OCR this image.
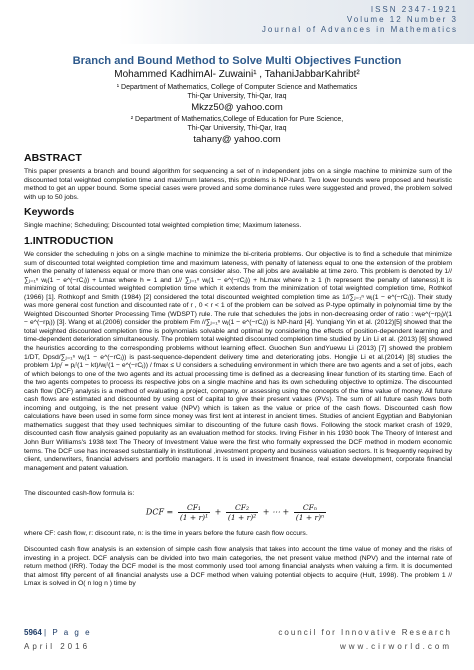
ISSN 2347-1921
Volume 12 Number 3
Journal of Advances in Mathematics
Branch and Bound Method to Solve Multi Objectives Function
Mohammed KadhimAl- Zuwaini¹ , TahaniJabbarKahribt²
¹ Department of Mathematics, College of Computer Science and Mathematics
Thi-Qar University, Thi-Qar, Iraq
Mkzz50@ yahoo.com
² Department of Mathematics,College of Education for Pure Science,
Thi-Qar University, Thi-Qar, Iraq
tahany@ yahoo.com
ABSTRACT

This paper presents a branch and bound algorithm for sequencing a set of n independent jobs on a single machine to minimize sum of the discounted total weighted completion time and maximum lateness, this problems is NP-hard. Two lower bounds were proposed and heuristic method to get an upper bound. Some special cases were proved and some dominance rules were suggested and proved, the problem solved with up to 50 jobs.

Keywords

Single machine; Scheduling; Discounted total weighted completion time; Maximum lateness.

1.INTRODUCTION

We consider the scheduling n jobs on a single machine to minimize the bi-criteria problems. Our objective is to find a schedule that minimize sum of discounted total weighted completion time and maximum lateness, with penalty of lateness equal to one the extension of the problem when the penalty of lateness equal or more than one was consider also. The all jobs are available at time zero. This problem is denoted by 1//∑ⱼ₌₁ⁿ wⱼ(1 − e^(−rCⱼ)) + Lmax where h = 1 and 1// ∑ⱼ₌₁ⁿ wⱼ(1 − e^(−rCⱼ)) + hLmax where h ≥ 1 (h represent the penalty of lateness).It is minimizing of total discounted weighted completion time which it extends from the minimization of total weighted completion time, Rothkof (1966) [1]. Rothkopf and Smith (1984) [2] considered the total discounted weighted completion time as 1//∑ⱼ₌₁ⁿ wⱼ(1 − e^(−rCⱼ)). Their study was more general cost function and discounted rate of r , 0 < r < 1 of the problem can be solved as P-type optimally in polynomial time by the Weighted Discounted Shorter Processing Time (WDSPT) rule. The rule that schedules the jobs in non-decreasing order of ratio : wⱼe^(−rpⱼ)/(1 − e^(−rpⱼ)) [3]. Wang et al.(2006) consider the problem Fm //∑ⱼ₌₁ⁿ wⱼ(1 − e^(−rCⱼ)) is NP-hard [4]. Yunqiang Yin et al. (2012)[5] showed that the total weighted discounted completion time is polynomials solvable and optimal by considering the effects of position-dependent learning and time-dependent deterioration simultaneously. The problem total weighted discounted completion time studied by Lin Li et al. (2013) [6] showed the heuristics according to the corresponding problems without learning effect. Guochen Sun andYuewu Li (2013) [7] showed the problem 1/DT, Dpsd/∑ⱼ₌₁ⁿ wⱼ(1 − e^(−rCⱼ)) is past-sequence-dependent delivery time and deteriorating jobs. Hongjie Li et al.(2014) [8] studies the problem 1/pⱼʳ = pⱼʳ(1 − kt)/wⱼʳ(1 − e^(−rCⱼ)) / fmax ≤ U considers a scheduling environment in which there are two agents and a set of jobs, each of which belongs to one of the two agents and its actual processing time is defined as a decreasing linear function of its starting time. Each of the two agents competes to process its respective jobs on a single machine and has its own scheduling objective to optimize. The discounted cash flow (DCF) analysis is a method of evaluating a project, company, or assessing using the concepts of the time value of money. All future cash flows are estimated and discounted by using cost of capital to give their present values (PVs). The sum of all future cash flows both incoming and outgoing, is the net present value (NPV) which is taken as the value or price of the cash flows. Discounted cash flow calculations have been used in some form since money was first lent at interest in ancient times. Studies of ancient Egyptian and Babylonian mathematics suggest that they used techniques similar to discounting of the future cash flows. Following the stock market crash of 1929, discounted cash flow analysis gained popularity as an evaluation method for stocks. Irving Fisher in his 1930 book The Theory of Interest and John Burr Williams's 1938 text The Theory of Investment Value were the first who formally expressed the DCF method in modern economic terms. The DCF use has increased substantially in institutional ,investment property and business valuation sectors. It is frequently required by client, underwriters, financial advisers and portfolio managers. It is used in investment finance, real estate development, corporate financial management and patent valuation.

The discounted cash-flow formula is:

DCF = $\frac{\text{CF₁}}{\text{(1 + r)¹}} + \frac{\text{CF₂}}{\text{(1 + r)²}}$ + ⋯ + $\frac{\text{CFₙ}}{\text{(1 + r)ⁿ}}$

where CF: cash flow, r: discount rate, n: is the time in years before the future cash flow occurs.

Discounted cash flow analysis is an extension of simple cash flow analysis that takes into account the time value of money and the risks of investing in a project. DCF analysis can be divided into two main categories, the net present value method (NPV) and the internal rate of return method (IRR). Today the DCF model is the most commonly used tool among financial analysts when valuing a firm. It is documented that almost fifty percent of all financial analysts use a DCF method when valuing potential objects to acquire (Hult, 1998). The problem 1 // Lmax is solved in O( n log n ) time by

5964 | P a g e	council for Innovative Research
April 2016	www.cirworld.com
